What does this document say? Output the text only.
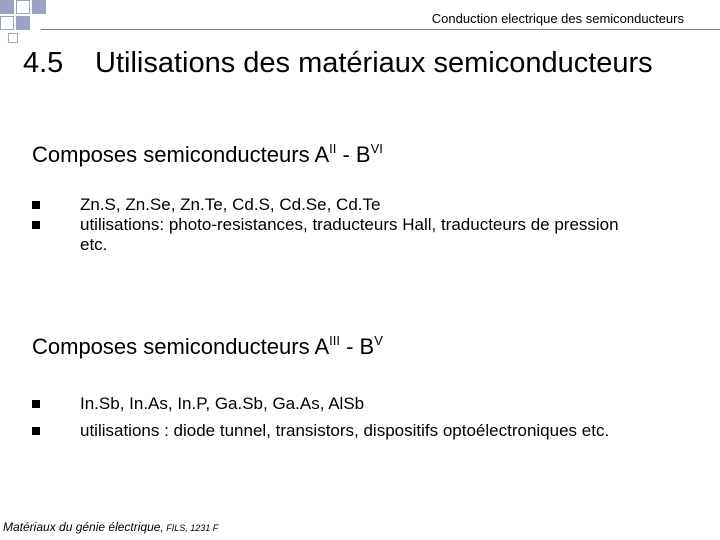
Conduction electrique des semiconducteurs
4.5 Utilisations des matériaux semiconducteurs
Composes semiconducteurs $A^{II} - B^{VI}$
Zn.S, Zn.Se, Zn.Te, Cd.S, Cd.Se, Cd.Te
utilisations: photo-resistances, traducteurs Hall, traducteurs de pression
etc.
Composes semiconducteurs $A^{III} - B^V$
In.Sb, In.As, In.P, Ga.Sb, Ga.As, AlSb
utilisations : diode tunnel, transistors, dispositifs optoélectroniques etc.
Matériaux du génie électrique, FILS, 1231 F
